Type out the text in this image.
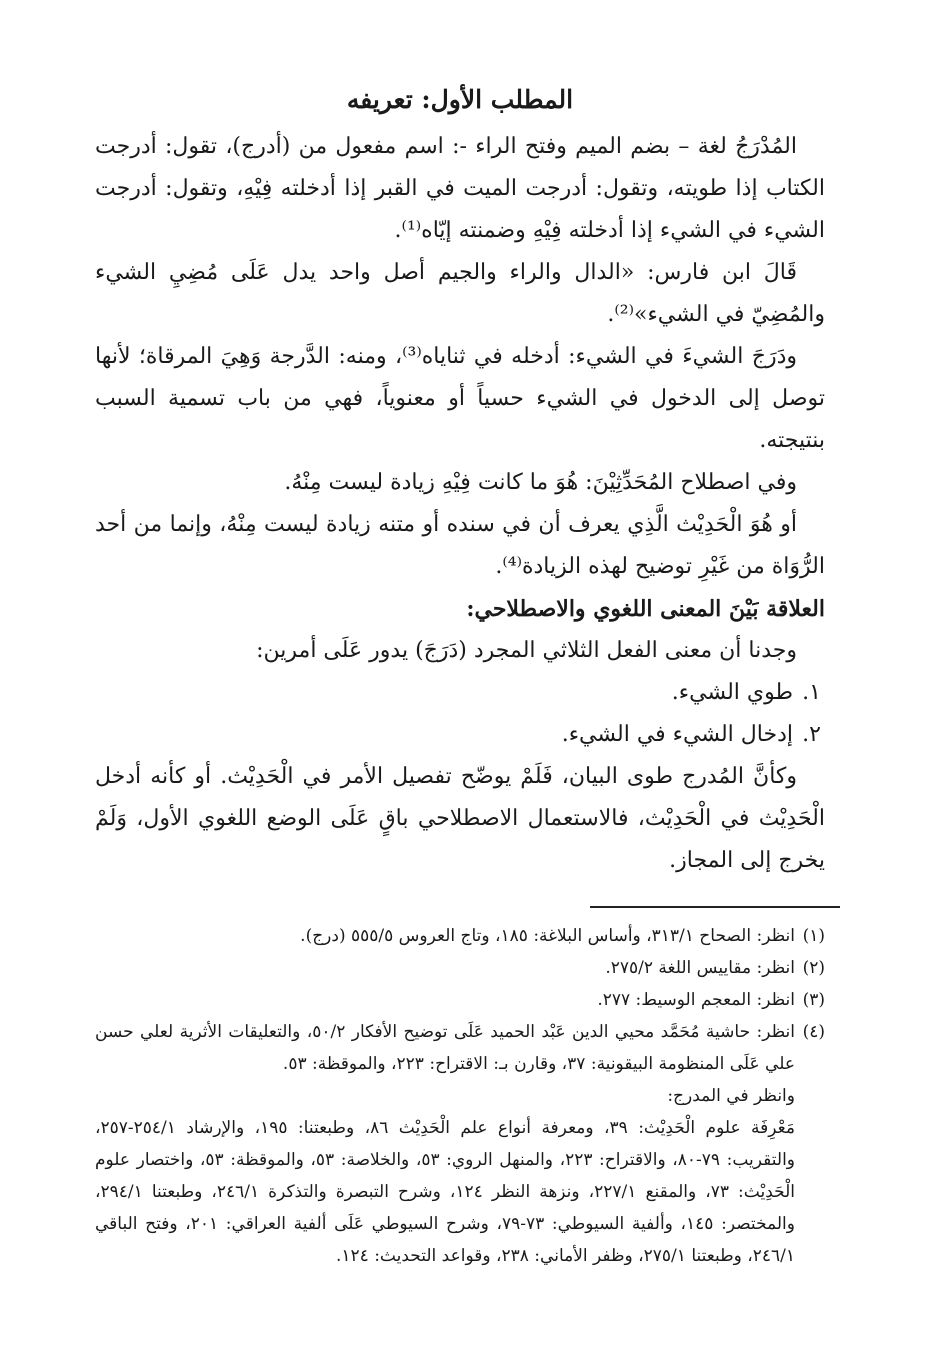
المطلب الأول: تعريفه

المُدْرَجُ لغة – بضم الميم وفتح الراء -: اسم مفعول من (أدرج)، تقول: أدرجت الكتاب إذا طويته، وتقول: أدرجت الميت في القبر إذا أدخلته فِيْهِ، وتقول: أدرجت الشيء في الشيء إذا أدخلته فِيْهِ وضمنته إيّاه⁽¹⁾.

قَالَ ابن فارس: «الدال والراء والجيم أصل واحد يدل عَلَى مُضِيِ الشيء والمُضِيّ في الشيء»⁽²⁾.

ودَرَجَ الشيءَ في الشيء: أدخله في ثناياه⁽³⁾، ومنه: الدَّرجة وَهِيَ المرقاة؛ لأنها توصل إلى الدخول في الشيء حسياً أو معنوياً، فهي من باب تسمية السبب بنتيجته.

وفي اصطلاح المُحَدِّثِيْنَ: هُوَ ما كانت فِيْهِ زيادة ليست مِنْهُ.

أو هُوَ الْحَدِيْث الَّذِي يعرف أن في سنده أو متنه زيادة ليست مِنْهُ، وإنما من أحد الرُّوَاة من غَيْرِ توضيح لهذه الزيادة⁽⁴⁾.

العلاقة بَيْنَ المعنى اللغوي والاصطلاحي:

وجدنا أن معنى الفعل الثلاثي المجرد (دَرَجَ) يدور عَلَى أمرين:

١.طوي الشيء.
٢.إدخال الشيء في الشيء.

وكأنَّ المُدرج طوى البيان، فَلَمْ يوضّح تفصيل الأمر في الْحَدِيْث. أو كأنه أدخل الْحَدِيْث في الْحَدِيْث، فالاستعمال الاصطلاحي باقٍ عَلَى الوضع اللغوي الأول، وَلَمْ يخرج إلى المجاز.

(١)
انظر: الصحاح ٣١٣/١، وأساس البلاغة: ١٨٥، وتاج العروس ٥٥٥/٥ (درج).

(٢)
انظر: مقاييس اللغة ٢٧٥/٢.

(٣)
انظر: المعجم الوسيط: ٢٧٧.

(٤)
انظر: حاشية مُحَمَّد محيي الدين عَبْد الحميد عَلَى توضيح الأفكار ٥٠/٢، والتعليقات الأثرية لعلي حسن علي عَلَى المنظومة البيقونية: ٣٧، وقارن بـ: الاقتراح: ٢٢٣، والموقظة: ٥٣.

وانظر في المدرج:

مَعْرِفَة علوم الْحَدِيْث: ٣٩، ومعرفة أنواع علم الْحَدِيْث ٨٦، وطبعتنا: ١٩٥، والإرشاد ٢٥٤/١-٢٥٧، والتقريب: ٧٩-٨٠، والاقتراح: ٢٢٣، والمنهل الروي: ٥٣، والخلاصة: ٥٣، والموقظة: ٥٣، واختصار علوم الْحَدِيْث: ٧٣، والمقنع ٢٢٧/١، ونزهة النظر ١٢٤، وشرح التبصرة والتذكرة ٢٤٦/١، وطبعتنا ٢٩٤/١، والمختصر: ١٤٥، وألفية السيوطي: ٧٣-٧٩، وشرح السيوطي عَلَى ألفية العراقي: ٢٠١، وفتح الباقي ٢٤٦/١، وطبعتنا ٢٧٥/١، وظفر الأماني: ٢٣٨، وقواعد التحديث: ١٢٤.
